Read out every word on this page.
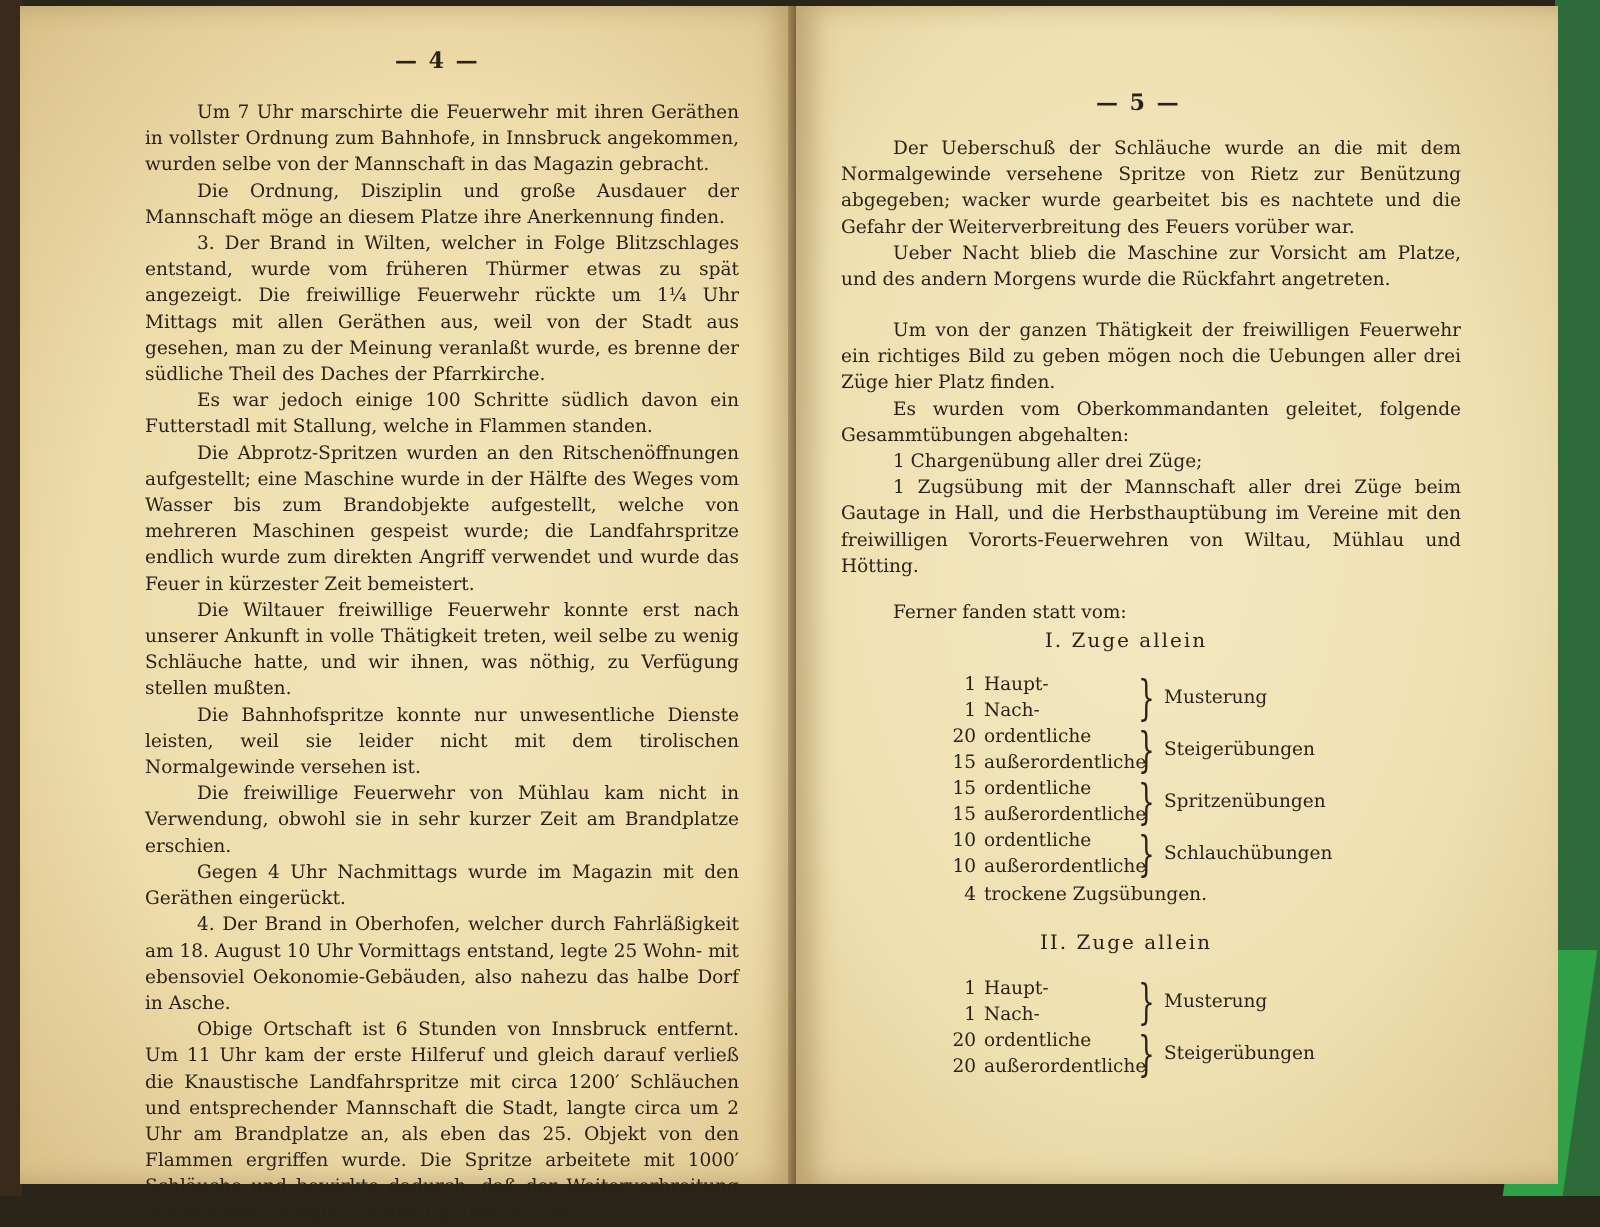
— 4 —

Um 7 Uhr marschirte die Feuerwehr mit ihren Geräthen in vollster Ordnung zum Bahnhofe, in Innsbruck angekommen, wurden selbe von der Mannschaft in das Magazin gebracht.

Die Ordnung, Disziplin und große Ausdauer der Mannschaft möge an diesem Platze ihre Anerkennung finden.

3. Der Brand in Wilten, welcher in Folge Blitzschlages entstand, wurde vom früheren Thürmer etwas zu spät angezeigt. Die freiwillige Feuerwehr rückte um 1¼ Uhr Mittags mit allen Geräthen aus, weil von der Stadt aus gesehen, man zu der Meinung veranlaßt wurde, es brenne der südliche Theil des Daches der Pfarrkirche.

Es war jedoch einige 100 Schritte südlich davon ein Futterstadl mit Stallung, welche in Flammen standen.

Die Abprotz-Spritzen wurden an den Ritschenöffnungen aufgestellt; eine Maschine wurde in der Hälfte des Weges vom Wasser bis zum Brandobjekte aufgestellt, welche von mehreren Maschinen gespeist wurde; die Landfahrspritze endlich wurde zum direkten Angriff verwendet und wurde das Feuer in kürzester Zeit bemeistert.

Die Wiltauer freiwillige Feuerwehr konnte erst nach unserer Ankunft in volle Thätigkeit treten, weil selbe zu wenig Schläuche hatte, und wir ihnen, was nöthig, zu Verfügung stellen mußten.

Die Bahnhofspritze konnte nur unwesentliche Dienste leisten, weil sie leider nicht mit dem tirolischen Normalgewinde versehen ist.

Die freiwillige Feuerwehr von Mühlau kam nicht in Verwendung, obwohl sie in sehr kurzer Zeit am Brandplatze erschien.

Gegen 4 Uhr Nachmittags wurde im Magazin mit den Geräthen eingerückt.

4. Der Brand in Oberhofen, welcher durch Fahrläßigkeit am 18. August 10 Uhr Vormittags entstand, legte 25 Wohn- mit ebensoviel Oekonomie-Gebäuden, also nahezu das halbe Dorf in Asche.

Obige Ortschaft ist 6 Stunden von Innsbruck entfernt. Um 11 Uhr kam der erste Hilferuf und gleich darauf verließ die Knaustische Landfahrspritze mit circa 1200′ Schläuchen und entsprechender Mannschaft die Stadt, langte circa um 2 Uhr am Brandplatze an, als eben das 25. Objekt von den Flammen ergriffen wurde. Die Spritze arbeitete mit 1000′ Schläuche und bewirkte dadurch, daß der Weiterverbreitung des Brandes energisch Einhalt gethan wurde.

— 5 —

Der Ueberschuß der Schläuche wurde an die mit dem Normalgewinde versehene Spritze von Rietz zur Benützung abgegeben; wacker wurde gearbeitet bis es nachtete und die Gefahr der Weiterverbreitung des Feuers vorüber war.

Ueber Nacht blieb die Maschine zur Vorsicht am Platze, und des andern Morgens wurde die Rückfahrt angetreten.

Um von der ganzen Thätigkeit der freiwilligen Feuerwehr ein richtiges Bild zu geben mögen noch die Uebungen aller drei Züge hier Platz finden.

Es wurden vom Oberkommandanten geleitet, folgende Gesammtübungen abgehalten:

1 Chargenübung aller drei Züge;

1 Zugsübung mit der Mannschaft aller drei Züge beim Gautage in Hall, und die Herbsthauptübung im Vereine mit den freiwilligen Vororts-Feuerwehren von Wiltau, Mühlau und Hötting.

Ferner fanden statt vom:

I. Zuge allein
1 Haupt-
1 Nach-
20 ordentliche
15 außerordentliche
15 ordentliche
15 außerordentliche
10 ordentliche
10 außerordentliche
4 trockene Zugsübungen.
}
}
}
}
Musterung
Steigerübungen
Spritzenübungen
Schlauchübungen
II. Zuge allein
1 Haupt-
1 Nach-
20 ordentliche
20 außerordentliche
}
}
Musterung
Steigerübungen
